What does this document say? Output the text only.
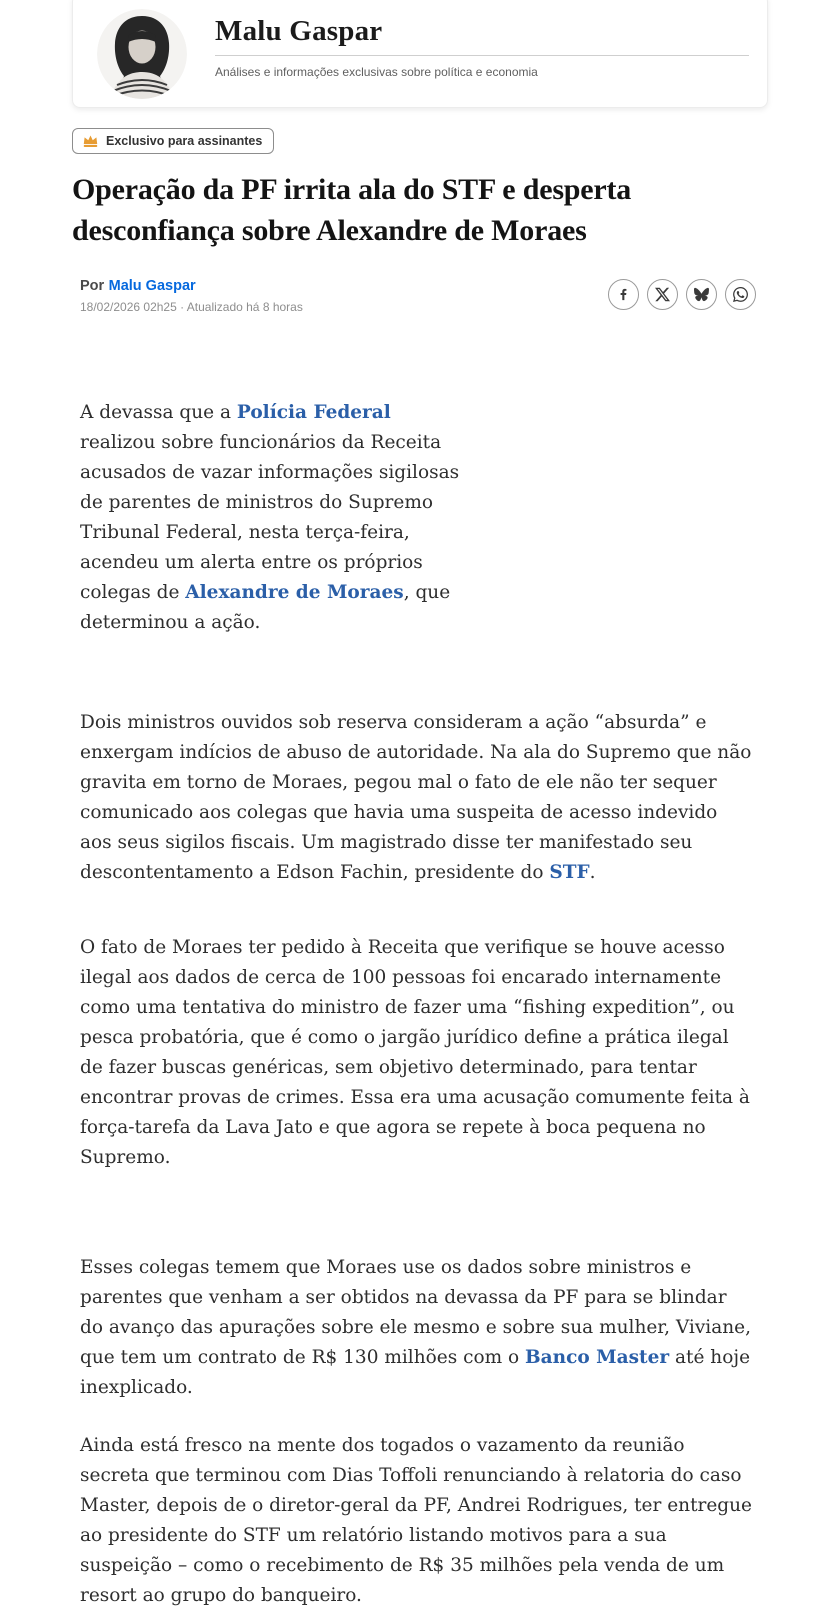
Malu Gaspar
Análises e informações exclusivas sobre política e economia
Exclusivo para assinantes
Operação da PF irrita ala do STF e desperta desconfiança sobre Alexandre de Moraes
Por Malu Gaspar
18/02/2026 02h25 · Atualizado há 8 horas

A devassa que a Polícia Federal realizou sobre funcionários da Receita acusados de vazar informações sigilosas de parentes de ministros do Supremo Tribunal Federal, nesta terça-feira, acendeu um alerta entre os próprios colegas de Alexandre de Moraes, que determinou a ação.

Dois ministros ouvidos sob reserva consideram a ação “absurda” e enxergam indícios de abuso de autoridade. Na ala do Supremo que não gravita em torno de Moraes, pegou mal o fato de ele não ter sequer comunicado aos colegas que havia uma suspeita de acesso indevido aos seus sigilos fiscais. Um magistrado disse ter manifestado seu descontentamento a Edson Fachin, presidente do STF.

O fato de Moraes ter pedido à Receita que verifique se houve acesso ilegal aos dados de cerca de 100 pessoas foi encarado internamente como uma tentativa do ministro de fazer uma “fishing expedition”, ou pesca probatória, que é como o jargão jurídico define a prática ilegal de fazer buscas genéricas, sem objetivo determinado, para tentar encontrar provas de crimes. Essa era uma acusação comumente feita à força-tarefa da Lava Jato e que agora se repete à boca pequena no Supremo.

Esses colegas temem que Moraes use os dados sobre ministros e parentes que venham a ser obtidos na devassa da PF para se blindar do avanço das apurações sobre ele mesmo e sobre sua mulher, Viviane, que tem um contrato de R$ 130 milhões com o Banco Master até hoje inexplicado.

Ainda está fresco na mente dos togados o vazamento da reunião secreta que terminou com Dias Toffoli renunciando à relatoria do caso Master, depois de o diretor-geral da PF, Andrei Rodrigues, ter entregue ao presidente do STF um relatório listando motivos para a sua suspeição – como o recebimento de R$ 35 milhões pela venda de um resort ao grupo do banqueiro.
